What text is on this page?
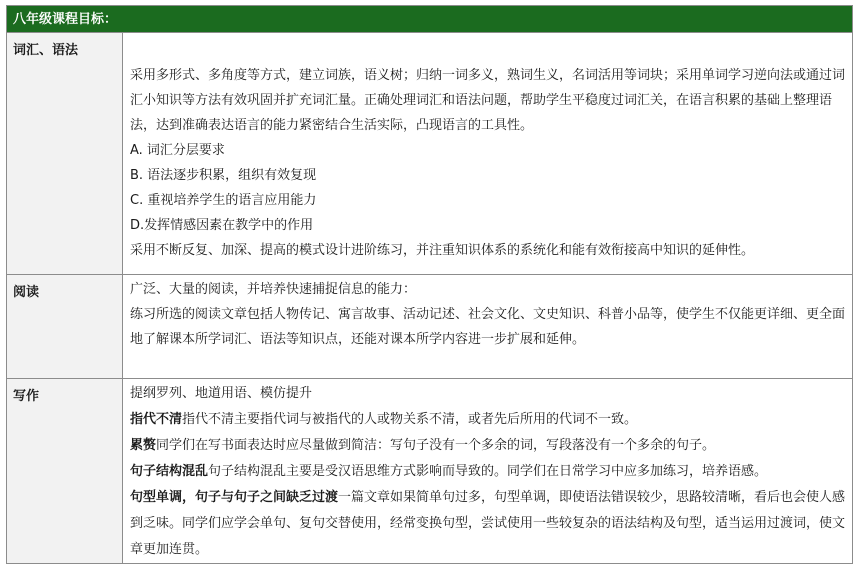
八年级课程目标：
词汇、语法
采用多形式、多角度等方式，建立词族，语义树；归纳一词多义，熟词生义，名词活用等词块；采用单词学习逆向法或通过词汇小知识等方法有效巩固并扩充词汇量。正确处理词汇和语法问题，帮助学生平稳度过词汇关，在语言积累的基础上整理语法，达到准确表达语言的能力紧密结合生活实际，凸现语言的工具性。
A. 词汇分层要求
B. 语法逐步积累，组织有效复现
C. 重视培养学生的语言应用能力
D.发挥情感因素在教学中的作用
采用不断反复、加深、提高的模式设计进阶练习，并注重知识体系的系统化和能有效衔接高中知识的延伸性。
阅读	广泛、大量的阅读，并培养快速捕捉信息的能力：
练习所选的阅读文章包括人物传记、寓言故事、活动记述、社会文化、文史知识、科普小品等，使学生不仅能更详细、更全面地了解课本所学词汇、语法等知识点，还能对课本所学内容进一步扩展和延伸。
写作	提纲罗列、地道用语、模仿提升
指代不清指代不清主要指代词与被指代的人或物关系不清，或者先后所用的代词不一致。
累赘同学们在写书面表达时应尽量做到简洁：写句子没有一个多余的词，写段落没有一个多余的句子。
句子结构混乱句子结构混乱主要是受汉语思维方式影响而导致的。同学们在日常学习中应多加练习，培养语感。
句型单调，句子与句子之间缺乏过渡一篇文章如果简单句过多，句型单调，即使语法错误较少，思路较清晰，看后也会使人感到乏味。同学们应学会单句、复句交替使用，经常变换句型，尝试使用一些较复杂的语法结构及句型，适当运用过渡词，使文章更加连贯。
